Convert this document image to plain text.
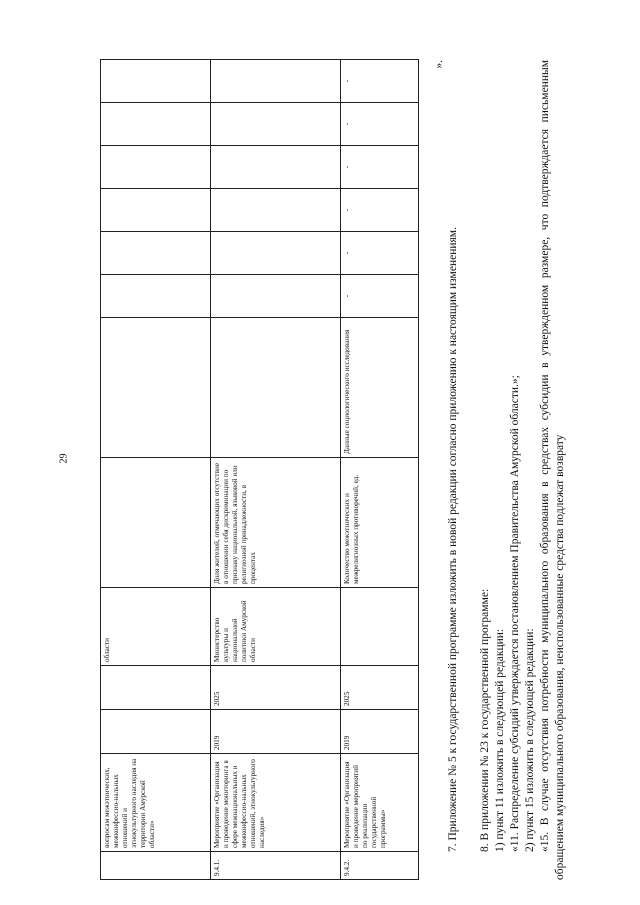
29
	вопросам межэтнических, межконфессио-нальных отношений и этнокультурного наследия на территории Амурской области»			области								
9.4.1.	Мероприятие «Организация и проведение мониторинга в сфере межнациональных и межконфессио-нальных отношений, этнокультурного наследия»	2019	2025	Министерство культуры и национальной политики Амурской области	Доля жителей, отмечающих отсутствие в отношении себя дискриминации по признаку национальной, языковой или религиозной принадлежности, в процентах							
9.4.2.	Мероприятие «Организация и проведение мероприятий по реализации государственной программы»	2019	2025		Количество межэтнических и межрелигиозных противоречий, ед.	Данные социологического исследования	-	-	-	-	-	-
».
7. Приложение № 5 к государственной программе изложить в новой редакции согласно приложению к настоящим изменениям. 8. В приложении № 23 к государственной программе: 1) пункт 11 изложить в следующей редакции: «11. Распределение субсидий утверждается постановлением Правительства Амурской области.»; 2) пункт 15 изложить в следующей редакции: «15. В случае отсутствия потребности муниципального образования в средствах субсидии в утвержденном размере, что подтверждается письменным обращением муниципального образования, неиспользованные средства подлежат возврату
